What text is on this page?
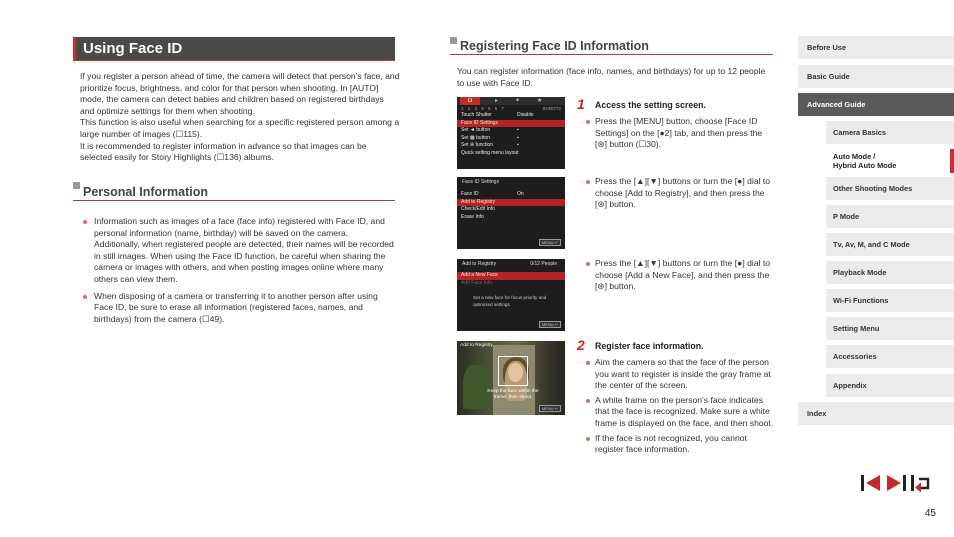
Using Face ID

If you register a person ahead of time, the camera will detect that person’s face, and prioritize focus, brightness, and color for that person when shooting. In [AUTO] mode, the camera can detect babies and children based on registered birthdays and optimize settings for them when shooting.

This function is also useful when searching for a specific registered person among a large number of images (☐115).

It is recommended to register information in advance so that images can be selected easily for Story Highlights (☐136) albums.

Personal Information
Information such as images of a face (face info) registered with Face ID, and personal information (name, birthday) will be saved on the camera. Additionally, when registered people are detected, their names will be recorded in still images. When using the Face ID function, be careful when sharing the camera or images with others, and when posting images online where many others can view them.
When disposing of a camera or transferring it to another person after using Face ID, be sure to erase all information (registered faces, names, and birthdays) from the camera (☐49).
Registering Face ID Information
You can register information (face info, names, and birthdays) for up to 12 people to use with Face ID.
◘	▸	✦	★
1 2 3 4 5 6 7	SHOOT2
Touch Shutter	Disable
Face ID Settings
Set ◄ button	▪
Set ▩ button	▪
Set ⊕ function	▪
Quick setting menu layout
Face ID Settings
Face ID	On
Add to Registry
Check/Edit Info
Erase Info
MENU ↩
Add to Registry	0/12 People
Add a New Face
Add Face Info
Set a new face for focus priority and optimized settings
MENU ↩
Add to Registry
Keep the face within the frame, then shoot.
MENU ↩
1 Access the setting screen.
Press the [MENU] button, choose [Face ID Settings] on the [●2] tab, and then press the [⊛] button (☐30).
Press the [▲][▼] buttons or turn the [●] dial to choose [Add to Registry], and then press the [⊛] button.
Press the [▲][▼] buttons or turn the [●] dial to choose [Add a New Face], and then press the [⊛] button.
2 Register face information.
Aim the camera so that the face of the person you want to register is inside the gray frame at the center of the screen.
A white frame on the person’s face indicates that the face is recognized. Make sure a white frame is displayed on the face, and then shoot.
If the face is not recognized, you cannot register face information.
Before Use
Basic Guide
Advanced Guide
Camera Basics
Auto Mode /
Hybrid Auto Mode
Other Shooting Modes
P Mode
Tv, Av, M, and C Mode
Playback Mode
Wi-Fi Functions
Setting Menu
Accessories
Appendix
Index
45
